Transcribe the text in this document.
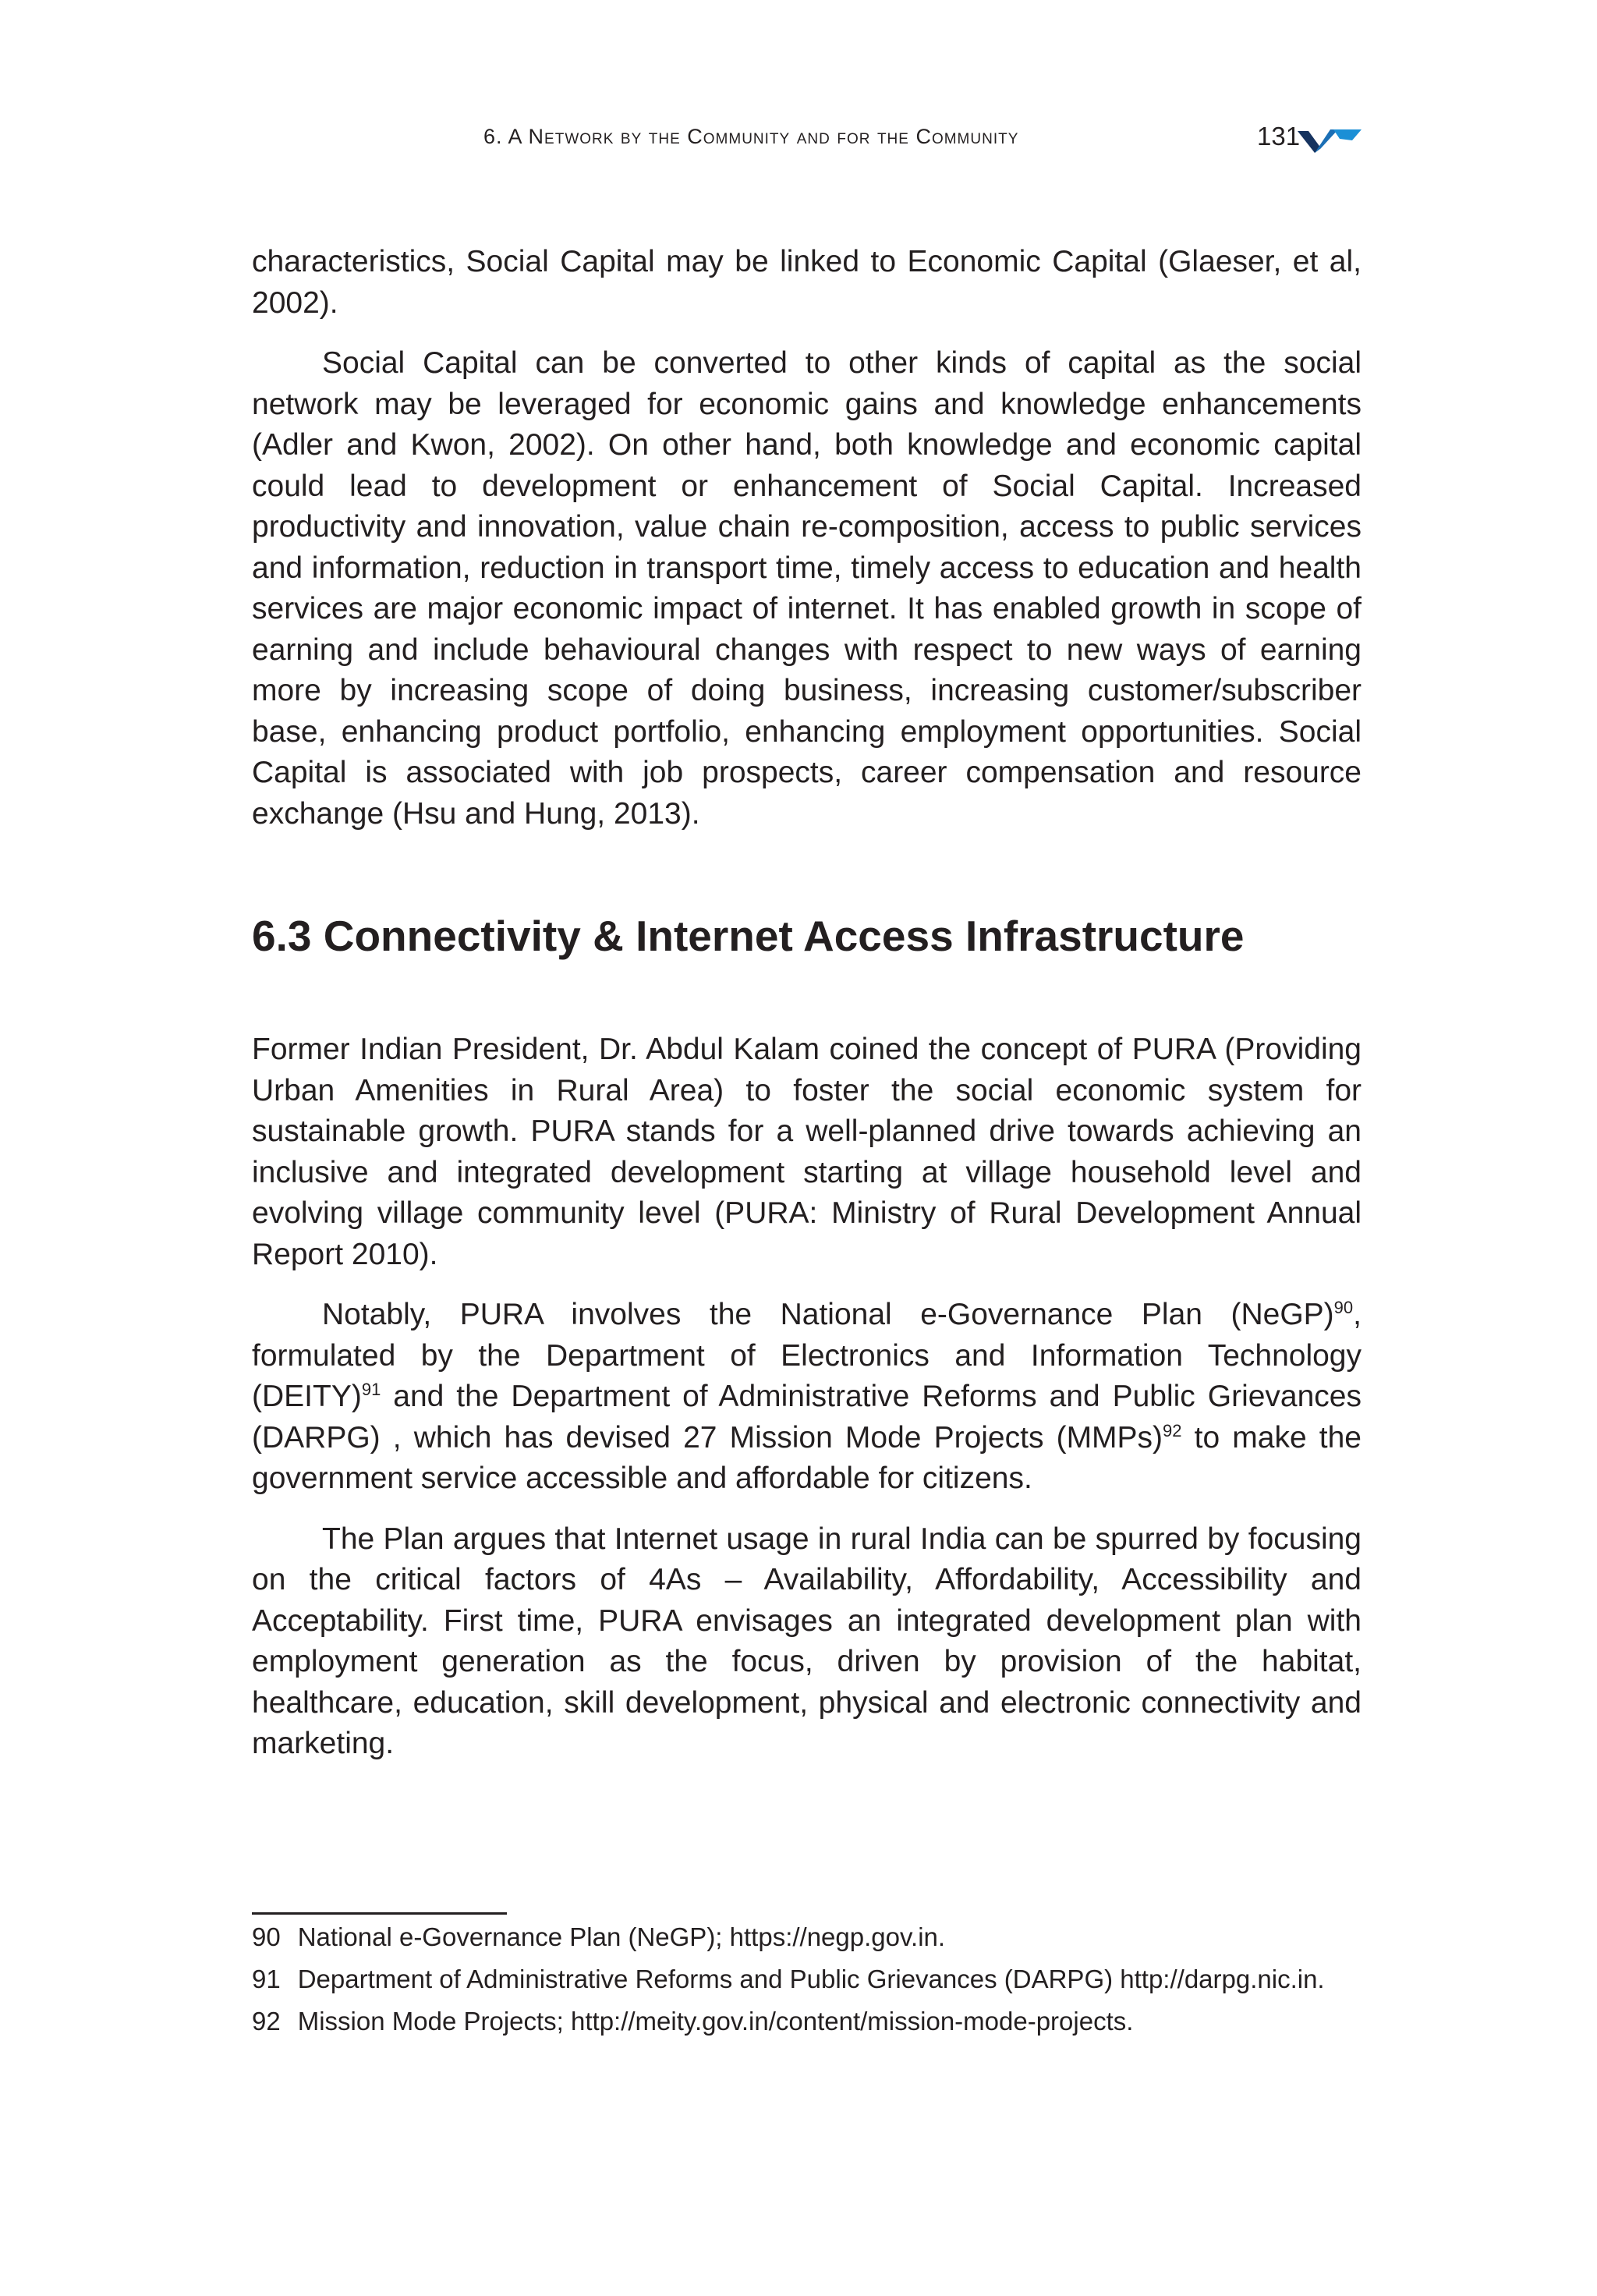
6. A Network by the Community and for the Community	131

characteristics, Social Capital may be linked to Economic Capital (Glaeser, et al, 2002).

Social Capital can be converted to other kinds of capital as the social network may be leveraged for economic gains and knowledge enhancements (Adler and Kwon, 2002). On other hand, both knowledge and economic capital could lead to development or enhancement of Social Capital. Increased productivity and innovation, value chain re-composition, access to public services and information, reduction in transport time, timely access to education and health services are major economic impact of internet. It has enabled growth in scope of earning and include behavioural changes with respect to new ways of earning more by increasing scope of doing business, increasing customer/subscriber base, enhancing product portfolio, enhancing employment opportunities. Social Capital is associated with job prospects, career compensation and resource exchange (Hsu and Hung, 2013).

6.3 Connectivity & Internet Access Infrastructure

Former Indian President, Dr. Abdul Kalam coined the concept of PURA (Providing Urban Amenities in Rural Area) to foster the social economic system for sustainable growth. PURA stands for a well-planned drive towards achieving an inclusive and integrated development starting at village household level and evolving village community level (PURA: Ministry of Rural Development Annual Report 2010).

Notably, PURA involves the National e-Governance Plan (NeGP)$^{90}$, formulated by the Department of Electronics and Information Technology (DEITY)$^{91}$ and the Department of Administrative Reforms and Public Grievances (DARPG) , which has devised 27 Mission Mode Projects (MMPs)$^{92}$ to make the government service accessible and affordable for citizens.

The Plan argues that Internet usage in rural India can be spurred by focusing on the critical factors of 4As – Availability, Affordability, Accessibility and Acceptability. First time, PURA envisages an integrated development plan with employment generation as the focus, driven by provision of the habitat, healthcare, education, skill development, physical and electronic connectivity and marketing.

90 National e-Governance Plan (NeGP); https://negp.gov.in.

91 Department of Administrative Reforms and Public Grievances (DARPG) http://darpg.nic.in.

92 Mission Mode Projects; http://meity.gov.in/content/mission-mode-projects.
